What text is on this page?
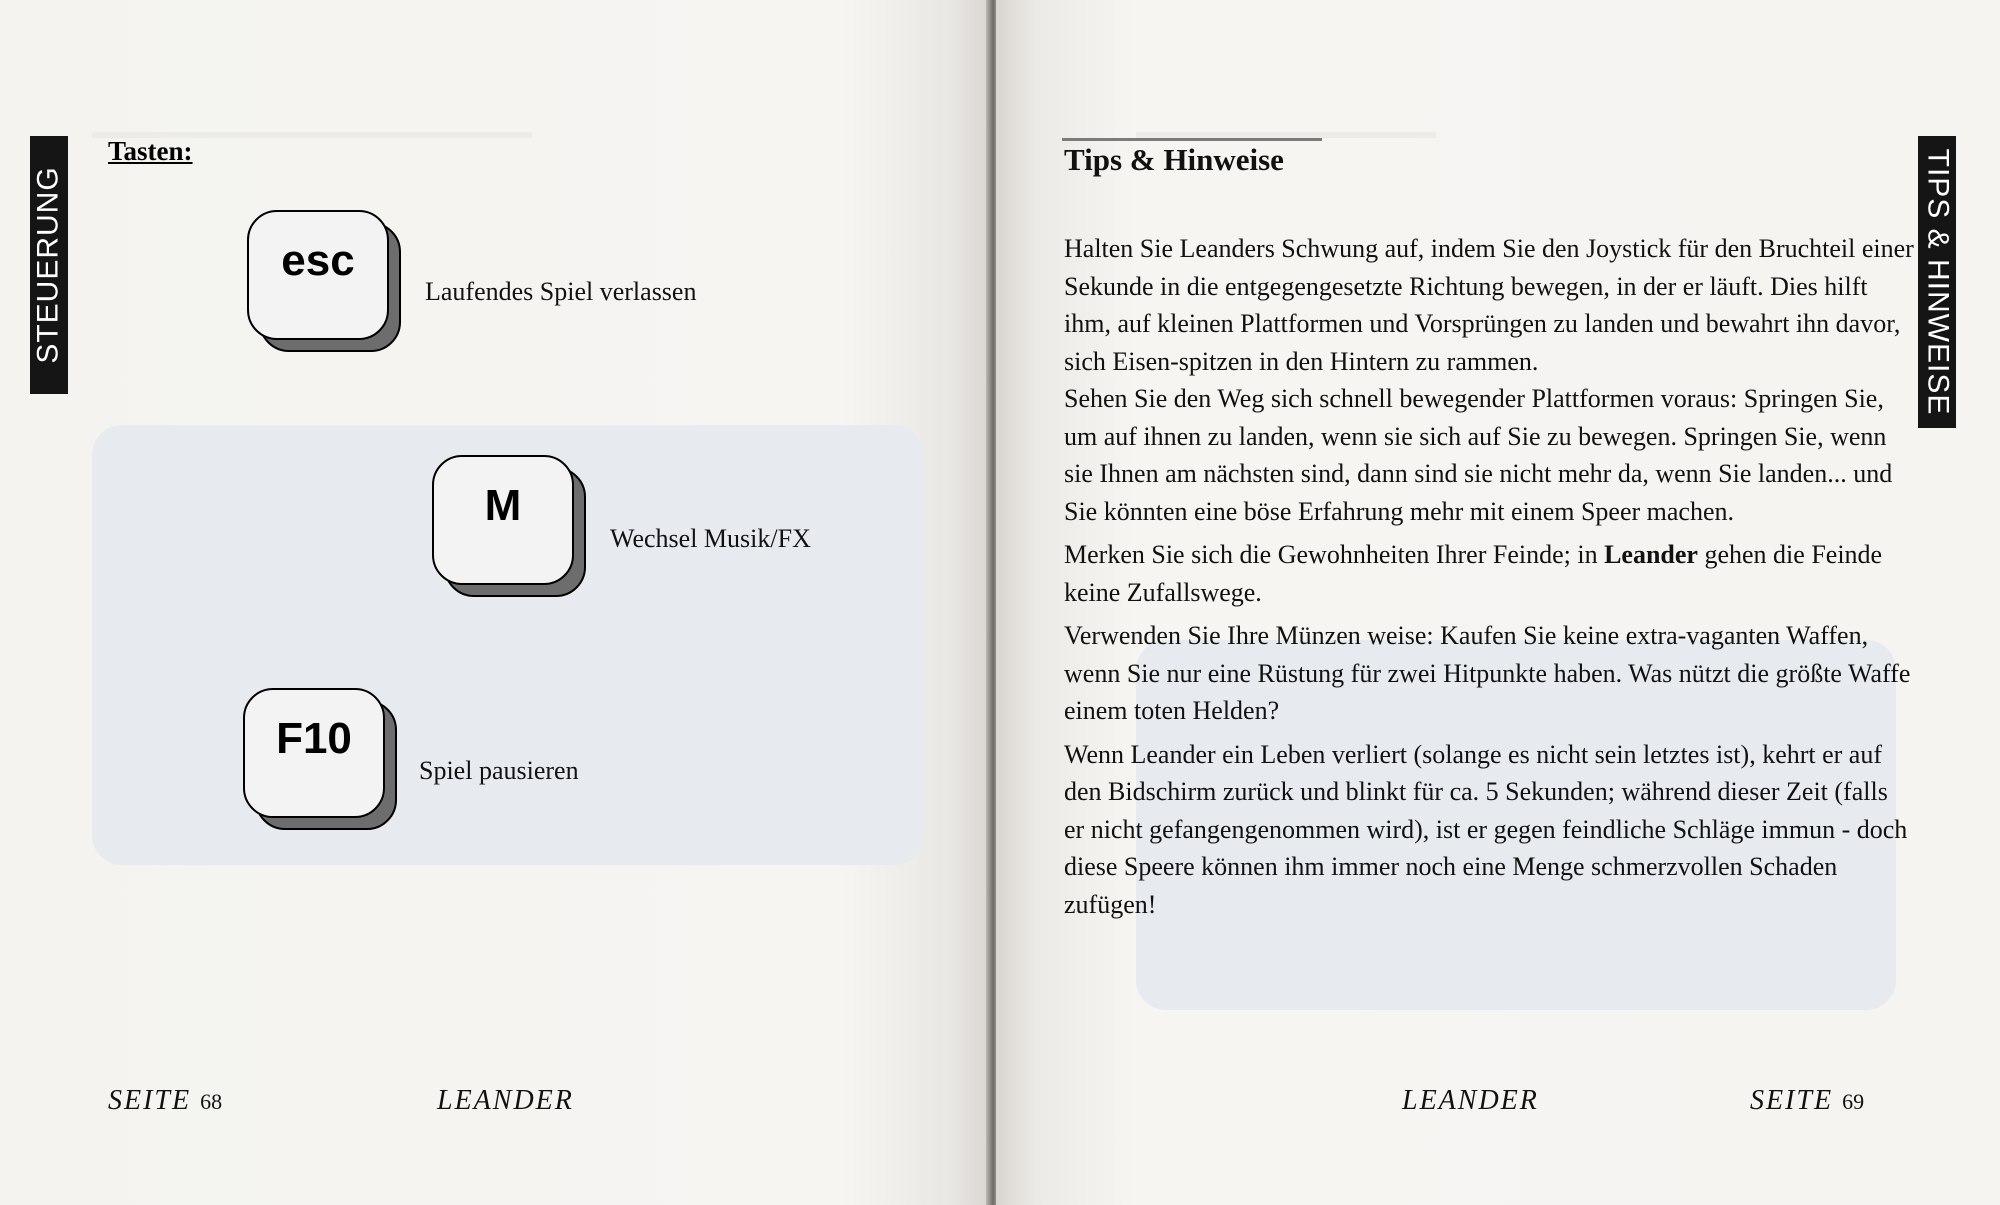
STEUERUNG
Tasten:
esc
Laufendes Spiel verlassen
M
Wechsel Musik/FX
F10
Spiel pausieren
SEITE 68	LEANDER
TIPS & HINWEISE
Tips & Hinweise

Halten Sie Leanders Schwung auf, indem Sie den Joystick für den Bruchteil einer Sekunde in die entgegengesetzte Richtung bewegen, in der er läuft. Dies hilft ihm, auf kleinen Plattformen und Vorsprüngen zu landen und bewahrt ihn davor, sich Eisen-spitzen in den Hintern zu rammen.

Sehen Sie den Weg sich schnell bewegender Plattformen voraus: Springen Sie, um auf ihnen zu landen, wenn sie sich auf Sie zu bewegen. Springen Sie, wenn sie Ihnen am nächsten sind, dann sind sie nicht mehr da, wenn Sie landen... und Sie könnten eine böse Erfahrung mehr mit einem Speer machen.

Merken Sie sich die Gewohnheiten Ihrer Feinde; in Leander gehen die Feinde keine Zufallswege.

Verwenden Sie Ihre Münzen weise: Kaufen Sie keine extra-vaganten Waffen, wenn Sie nur eine Rüstung für zwei Hitpunkte haben. Was nützt die größte Waffe einem toten Helden?

Wenn Leander ein Leben verliert (solange es nicht sein letztes ist), kehrt er auf den Bidschirm zurück und blinkt für ca. 5 Sekunden; während dieser Zeit (falls er nicht gefangengenommen wird), ist er gegen feindliche Schläge immun - doch diese Speere können ihm immer noch eine Menge schmerzvollen Schaden zufügen!

LEANDER	SEITE 69
